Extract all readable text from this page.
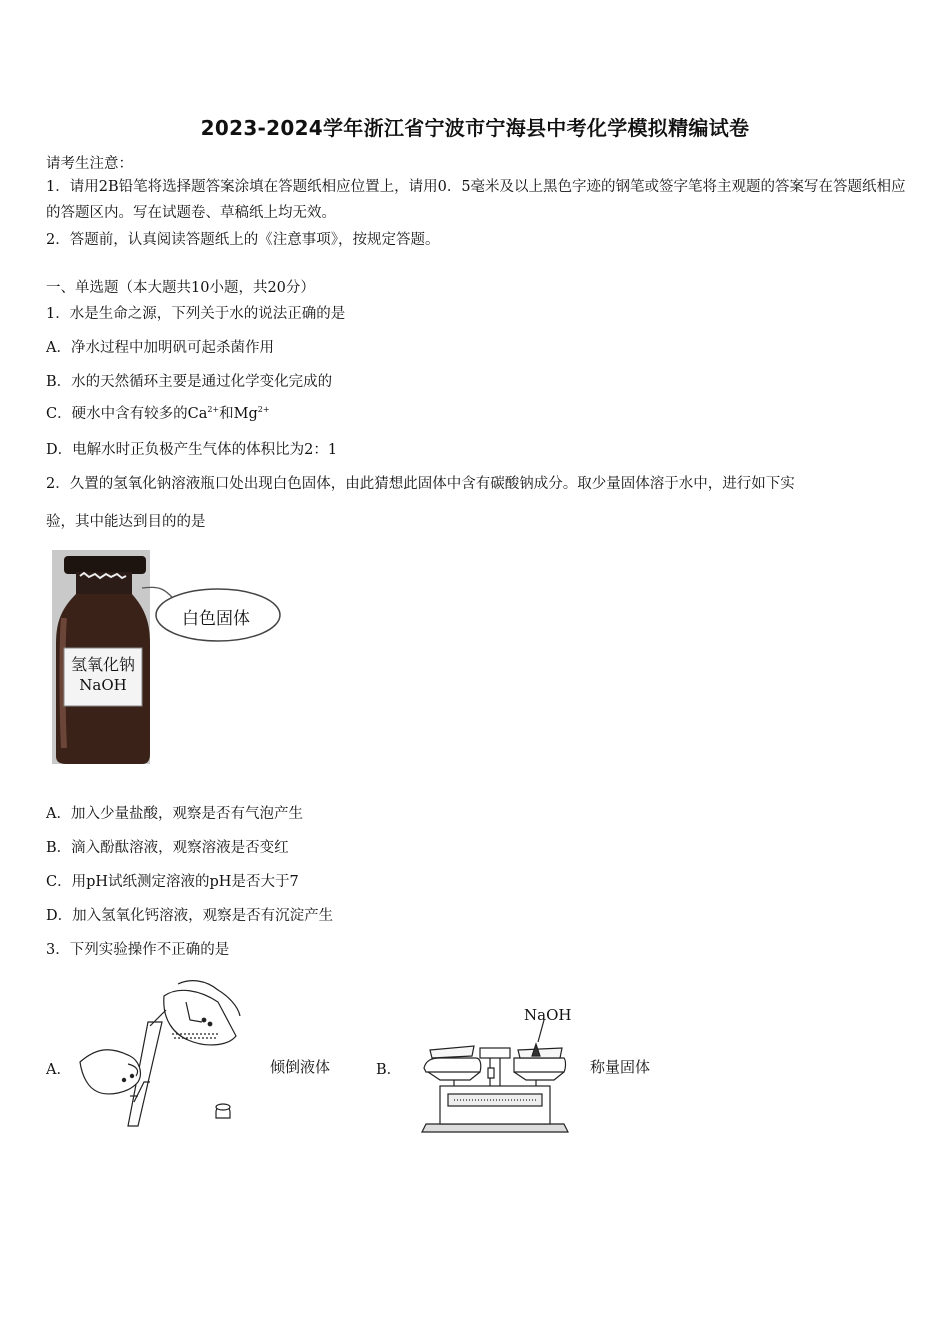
2023-2024学年浙江省宁波市宁海县中考化学模拟精编试卷
请考生注意：
1．请用2B铅笔将选择题答案涂填在答题纸相应位置上，请用0．5毫米及以上黑色字迹的钢笔或签字笔将主观题的答案写在答题纸相应的答题区内。写在试题卷、草稿纸上均无效。
2．答题前，认真阅读答题纸上的《注意事项》，按规定答题。
一、单选题（本大题共10小题，共20分）
1．水是生命之源，下列关于水的说法正确的是
A．净水过程中加明矾可起杀菌作用
B．水的天然循环主要是通过化学变化完成的
C．硬水中含有较多的$Ca^{2+}$和$Mg^{2+}$
D．电解水时正负极产生气体的体积比为2：1
2．久置的氢氧化钠溶液瓶口处出现白色固体，由此猜想此固体中含有碳酸钠成分。取少量固体溶于水中，进行如下实
验，其中能达到目的的是
白色固体
氢氧化钠
NaOH
A．加入少量盐酸，观察是否有气泡产生
B．滴入酚酞溶液，观察溶液是否变红
C．用pH试纸测定溶液的pH是否大于7
D．加入氢氧化钙溶液，观察是否有沉淀产生
3．下列实验操作不正确的是
A．	倾倒液体	B．
NaOH
称量固体
